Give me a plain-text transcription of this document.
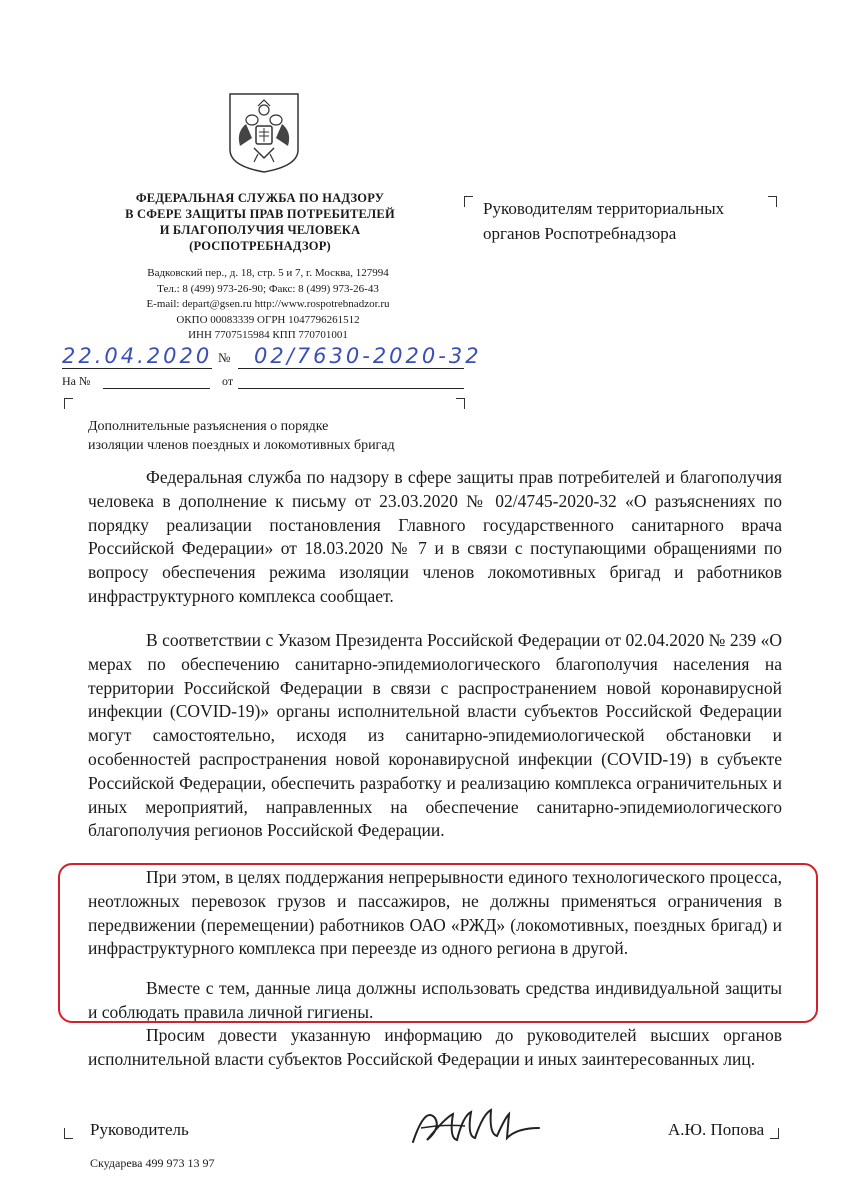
ФЕДЕРАЛЬНАЯ СЛУЖБА ПО НАДЗОРУ
В СФЕРЕ ЗАЩИТЫ ПРАВ ПОТРЕБИТЕЛЕЙ
И БЛАГОПОЛУЧИЯ ЧЕЛОВЕКА
(РОСПОТРЕБНАДЗОР)
Вадковский пер., д. 18, стр. 5 и 7, г. Москва, 127994
Тел.: 8 (499) 973-26-90; Факс: 8 (499) 973-26-43
E-mail: depart@gsen.ru http://www.rospotrebnadzor.ru
ОКПО 00083339 ОГРН 1047796261512
ИНН 7707515984 КПП 770701001
22.04.2020 № 02/7630-2020-32
На №	от
Руководителям территориальных
органов Роспотребнадзора
Дополнительные разъяснения о порядке
изоляции членов поездных и локомотивных бригад

Федеральная служба по надзору в сфере защиты прав потребителей и благополучия человека в дополнение к письму от 23.03.2020 № 02/4745-2020-32 «О разъяснениях по порядку реализации постановления Главного государственного санитарного врача Российской Федерации» от 18.03.2020 № 7 и в связи с поступающими обращениями по вопросу обеспечения режима изоляции членов локомотивных бригад и работников инфраструктурного комплекса сообщает.

В соответствии с Указом Президента Российской Федерации от 02.04.2020 № 239 «О мерах по обеспечению санитарно-эпидемиологического благополучия населения на территории Российской Федерации в связи с распространением новой коронавирусной инфекции (COVID-19)» органы исполнительной власти субъектов Российской Федерации могут самостоятельно, исходя из санитарно-эпидемиологической обстановки и особенностей распространения новой коронавирусной инфекции (COVID-19) в субъекте Российской Федерации, обеспечить разработку и реализацию комплекса ограничительных и иных мероприятий, направленных на обеспечение санитарно-эпидемиологического благополучия регионов Российской Федерации.

При этом, в целях поддержания непрерывности единого технологического процесса, неотложных перевозок грузов и пассажиров, не должны применяться ограничения в передвижении (перемещении) работников ОАО «РЖД» (локомотивных, поездных бригад) и инфраструктурного комплекса при переезде из одного региона в другой.

Вместе с тем, данные лица должны использовать средства индивидуальной защиты и соблюдать правила личной гигиены.

Просим довести указанную информацию до руководителей высших органов исполнительной власти субъектов Российской Федерации и иных заинтересованных лиц.

Руководитель	А.Ю. Попова
Скударева 499 973 13 97
